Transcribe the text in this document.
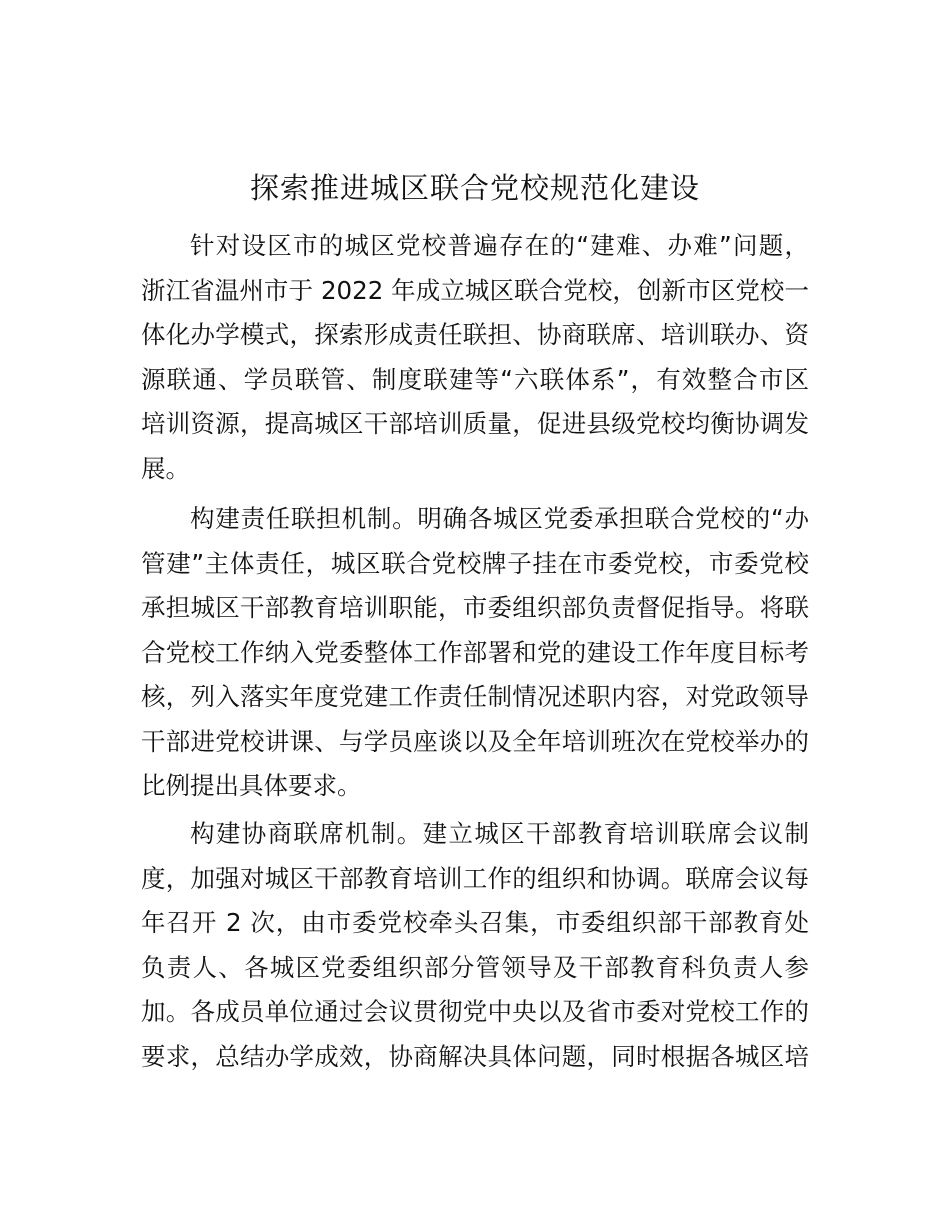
探索推进城区联合党校规范化建设
针对设区市的城区党校普遍存在的“建难、办难”问题，
浙江省温州市于 2022 年成立城区联合党校，创新市区党校一
体化办学模式，探索形成责任联担、协商联席、培训联办、资
源联通、学员联管、制度联建等“六联体系”，有效整合市区
培训资源，提高城区干部培训质量，促进县级党校均衡协调发
展。
构建责任联担机制。明确各城区党委承担联合党校的“办
管建”主体责任，城区联合党校牌子挂在市委党校，市委党校
承担城区干部教育培训职能，市委组织部负责督促指导。将联
合党校工作纳入党委整体工作部署和党的建设工作年度目标考
核，列入落实年度党建工作责任制情况述职内容，对党政领导
干部进党校讲课、与学员座谈以及全年培训班次在党校举办的
比例提出具体要求。
构建协商联席机制。建立城区干部教育培训联席会议制
度，加强对城区干部教育培训工作的组织和协调。联席会议每
年召开 2 次，由市委党校牵头召集，市委组织部干部教育处
负责人、各城区党委组织部分管领导及干部教育科负责人参
加。各成员单位通过会议贯彻党中央以及省市委对党校工作的
要求，总结办学成效，协商解决具体问题，同时根据各城区培
